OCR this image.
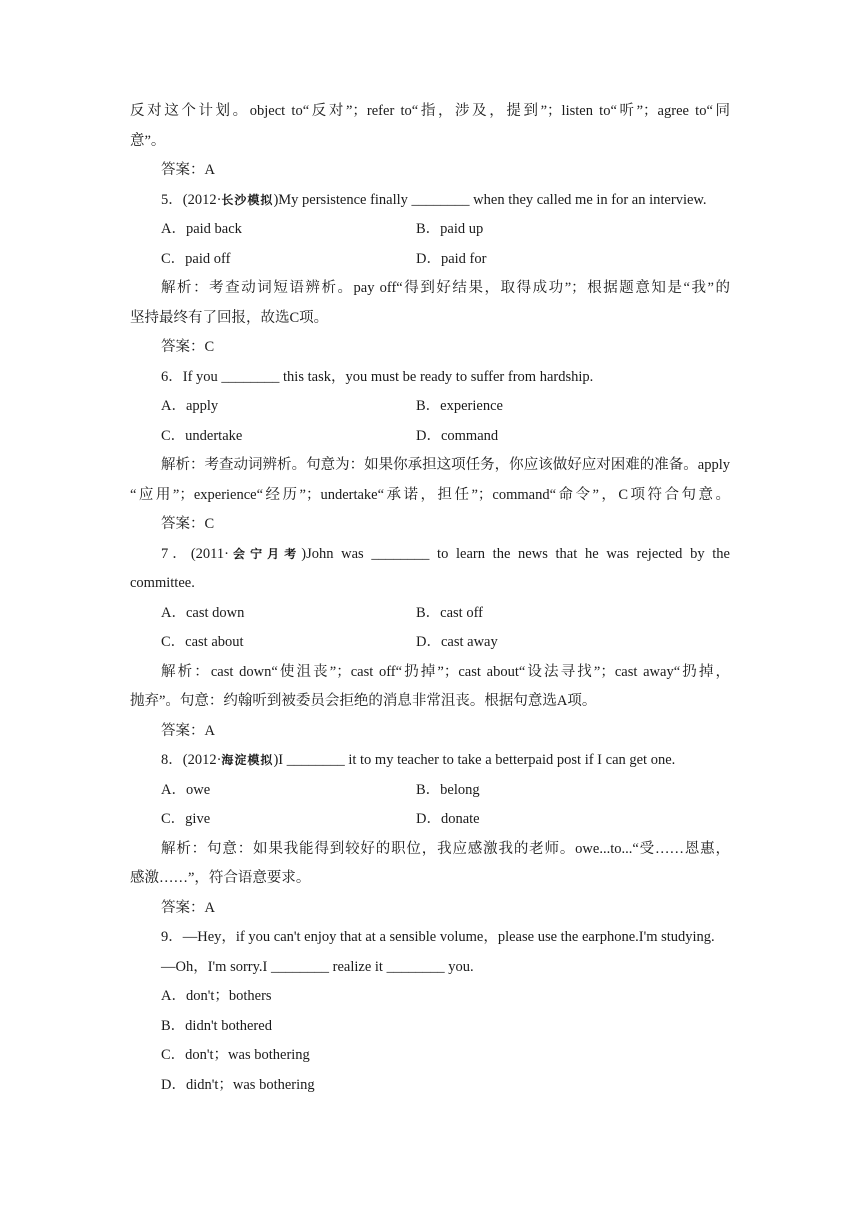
反对这个计划。object to“反对”；refer to“指，涉及，提到”；listen to“听”；agree to“同
意”。
答案：A
5．(2012·长沙模拟)My persistence finally ________ when they called me in for an interview.
A．paid back	B．paid up
C．paid off	D．paid for
解析：考查动词短语辨析。pay off“得到好结果，取得成功”；根据题意知是“我”的
坚持最终有了回报，故选C项。
答案：C
6．If you ________ this task，you must be ready to suffer from hardship.
A．apply	B．experience
C．undertake	D．command
解析：考查动词辨析。句意为：如果你承担这项任务，你应该做好应对困难的准备。apply
“应用”；experience“经历”；undertake“承诺，担任”；command“命令”，C项符合句意。
答案：C
7．(2011·会宁月考)John was ________ to learn the news that he was rejected by the
committee.
A．cast down	B．cast off
C．cast about	D．cast away
解析：cast down“使沮丧”；cast off“扔掉”；cast about“设法寻找”；cast away“扔掉，
抛弃”。句意：约翰听到被委员会拒绝的消息非常沮丧。根据句意选A项。
答案：A
8．(2012·海淀模拟)I ________ it to my teacher to take a betterpaid post if I can get one.
A．owe	B．belong
C．give	D．donate
解析：句意：如果我能得到较好的职位，我应感激我的老师。owe...to...“受……恩惠，
感激……”，符合语意要求。
答案：A
9．—Hey，if you can't enjoy that at a sensible volume，please use the earphone.I'm studying.
—Oh，I'm sorry.I ________ realize it ________ you.
A．don't；bothers
B．didn't bothered
C．don't；was bothering
D．didn't；was bothering
